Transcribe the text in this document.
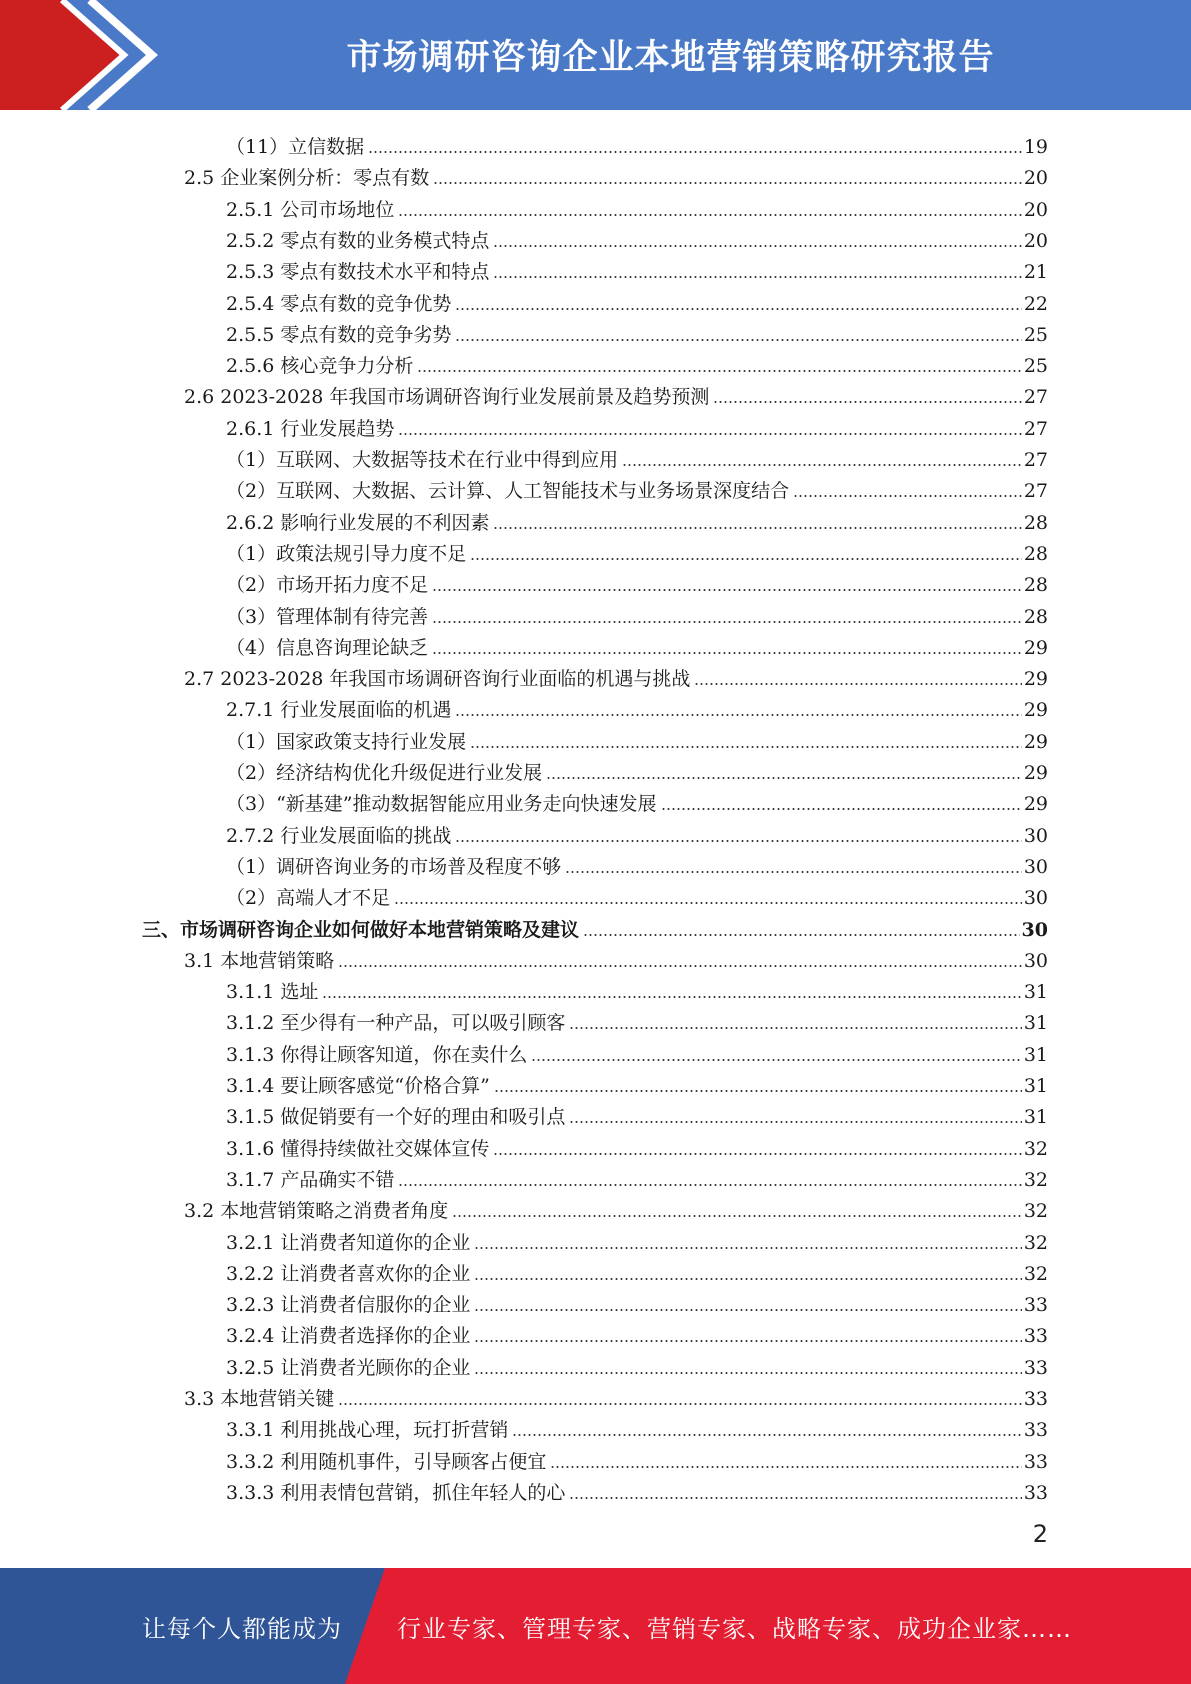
市场调研咨询企业本地营销策略研究报告
（11）立信数据	19
2.5 企业案例分析：零点有数	20
2.5.1 公司市场地位	20
2.5.2 零点有数的业务模式特点	20
2.5.3 零点有数技术水平和特点	21
2.5.4 零点有数的竞争优势	22
2.5.5 零点有数的竞争劣势	25
2.5.6 核心竞争力分析	25
2.6 2023-2028 年我国市场调研咨询行业发展前景及趋势预测	27
2.6.1 行业发展趋势	27
（1）互联网、大数据等技术在行业中得到应用	27
（2）互联网、大数据、云计算、人工智能技术与业务场景深度结合	27
2.6.2 影响行业发展的不利因素	28
（1）政策法规引导力度不足	28
（2）市场开拓力度不足	28
（3）管理体制有待完善	28
（4）信息咨询理论缺乏	29
2.7 2023-2028 年我国市场调研咨询行业面临的机遇与挑战	29
2.7.1 行业发展面临的机遇	29
（1）国家政策支持行业发展	29
（2）经济结构优化升级促进行业发展	29
（3）“新基建”推动数据智能应用业务走向快速发展	29
2.7.2 行业发展面临的挑战	30
（1）调研咨询业务的市场普及程度不够	30
（2）高端人才不足	30
三、市场调研咨询企业如何做好本地营销策略及建议	30
3.1 本地营销策略	30
3.1.1 选址	31
3.1.2 至少得有一种产品，可以吸引顾客	31
3.1.3 你得让顾客知道，你在卖什么	31
3.1.4 要让顾客感觉“价格合算”	31
3.1.5 做促销要有一个好的理由和吸引点	31
3.1.6 懂得持续做社交媒体宣传	32
3.1.7 产品确实不错	32
3.2 本地营销策略之消费者角度	32
3.2.1 让消费者知道你的企业	32
3.2.2 让消费者喜欢你的企业	32
3.2.3 让消费者信服你的企业	33
3.2.4 让消费者选择你的企业	33
3.2.5 让消费者光顾你的企业	33
3.3 本地营销关键	33
3.3.1 利用挑战心理，玩打折营销	33
3.3.2 利用随机事件，引导顾客占便宜	33
3.3.3 利用表情包营销，抓住年轻人的心	33
2
让每个人都能成为 行业专家、管理专家、营销专家、战略专家、成功企业家……
